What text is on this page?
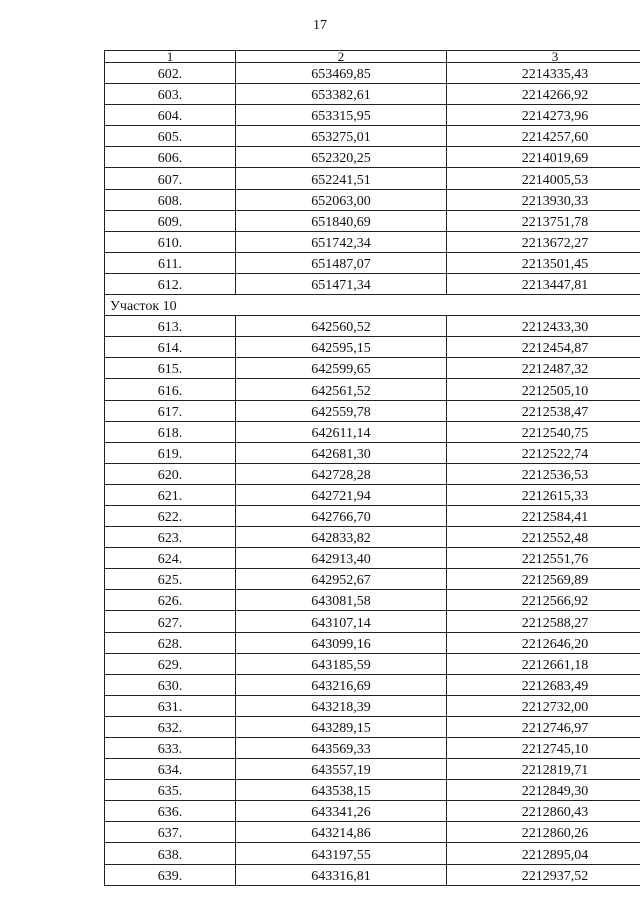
17
1	2	3
602.	653469,85	2214335,43
603.	653382,61	2214266,92
604.	653315,95	2214273,96
605.	653275,01	2214257,60
606.	652320,25	2214019,69
607.	652241,51	2214005,53
608.	652063,00	2213930,33
609.	651840,69	2213751,78
610.	651742,34	2213672,27
611.	651487,07	2213501,45
612.	651471,34	2213447,81
Участок 10		
613.	642560,52	2212433,30
614.	642595,15	2212454,87
615.	642599,65	2212487,32
616.	642561,52	2212505,10
617.	642559,78	2212538,47
618.	642611,14	2212540,75
619.	642681,30	2212522,74
620.	642728,28	2212536,53
621.	642721,94	2212615,33
622.	642766,70	2212584,41
623.	642833,82	2212552,48
624.	642913,40	2212551,76
625.	642952,67	2212569,89
626.	643081,58	2212566,92
627.	643107,14	2212588,27
628.	643099,16	2212646,20
629.	643185,59	2212661,18
630.	643216,69	2212683,49
631.	643218,39	2212732,00
632.	643289,15	2212746,97
633.	643569,33	2212745,10
634.	643557,19	2212819,71
635.	643538,15	2212849,30
636.	643341,26	2212860,43
637.	643214,86	2212860,26
638.	643197,55	2212895,04
639.	643316,81	2212937,52
